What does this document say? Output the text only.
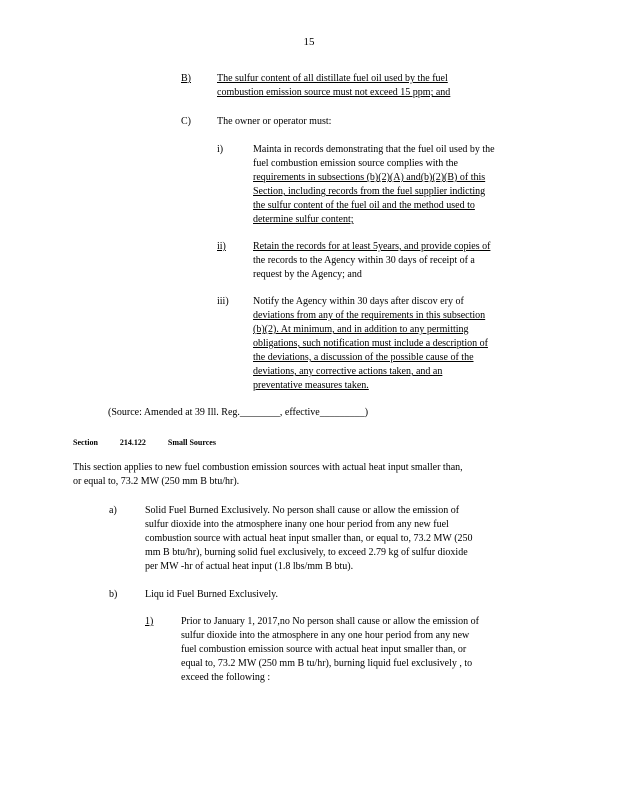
15
B)	The sulfur content of all distillate fuel oil used by the fuel
combustion emission source must not exceed 15 ppm; and
C)	The owner or operator must:
i)	Mainta in records demonstrating that the fuel oil used by the
fuel combustion emission source complies with the
requirements in subsections (b)(2)(A) and(b)(2)(B) of this
Section, including records from the fuel supplier indicting
the sulfur content of the fuel oil and the method used to
determine sulfur content;
ii)	Retain the records for at least 5years, and provide copies of
the records to the Agency within 30 days of receipt of a
request by the Agency; and
iii) Notify the Agency within 30 days after discov ery of
deviations from any of the requirements in this subsection
(b)(2). At minimum, and in addition to any permitting
obligations, such notification must include a description of
the deviations, a discussion of the possible cause of the
deviations, any corrective actions taken, and an
preventative measures taken.
(Source: Amended at 39 Ill. Reg.________, effective_________)
Section	214.122	Small Sources
This section applies to new fuel combustion emission sources with actual heat input smaller than,
or equal to, 73.2 MW (250 mm B btu/hr).
a)	Solid Fuel Burned Exclusively. No person shall cause or allow the emission of
sulfur dioxide into the atmosphere inany one hour period from any new fuel
combustion source with actual heat input smaller than, or equal to, 73.2 MW (250
mm B btu/hr), burning solid fuel exclusively, to exceed 2.79 kg of sulfur dioxide
per MW -hr of actual heat input (1.8 lbs/mm B btu).
b)	Liqu id Fuel Burned Exclusively.
1)	Prior to January 1, 2017,no No person shall cause or allow the emission of
sulfur dioxide into the atmosphere in any one hour period from any new
fuel combustion emission source with actual heat input smaller than, or
equal to, 73.2 MW (250 mm B tu/hr), burning liquid fuel exclusively , to
exceed the following :
